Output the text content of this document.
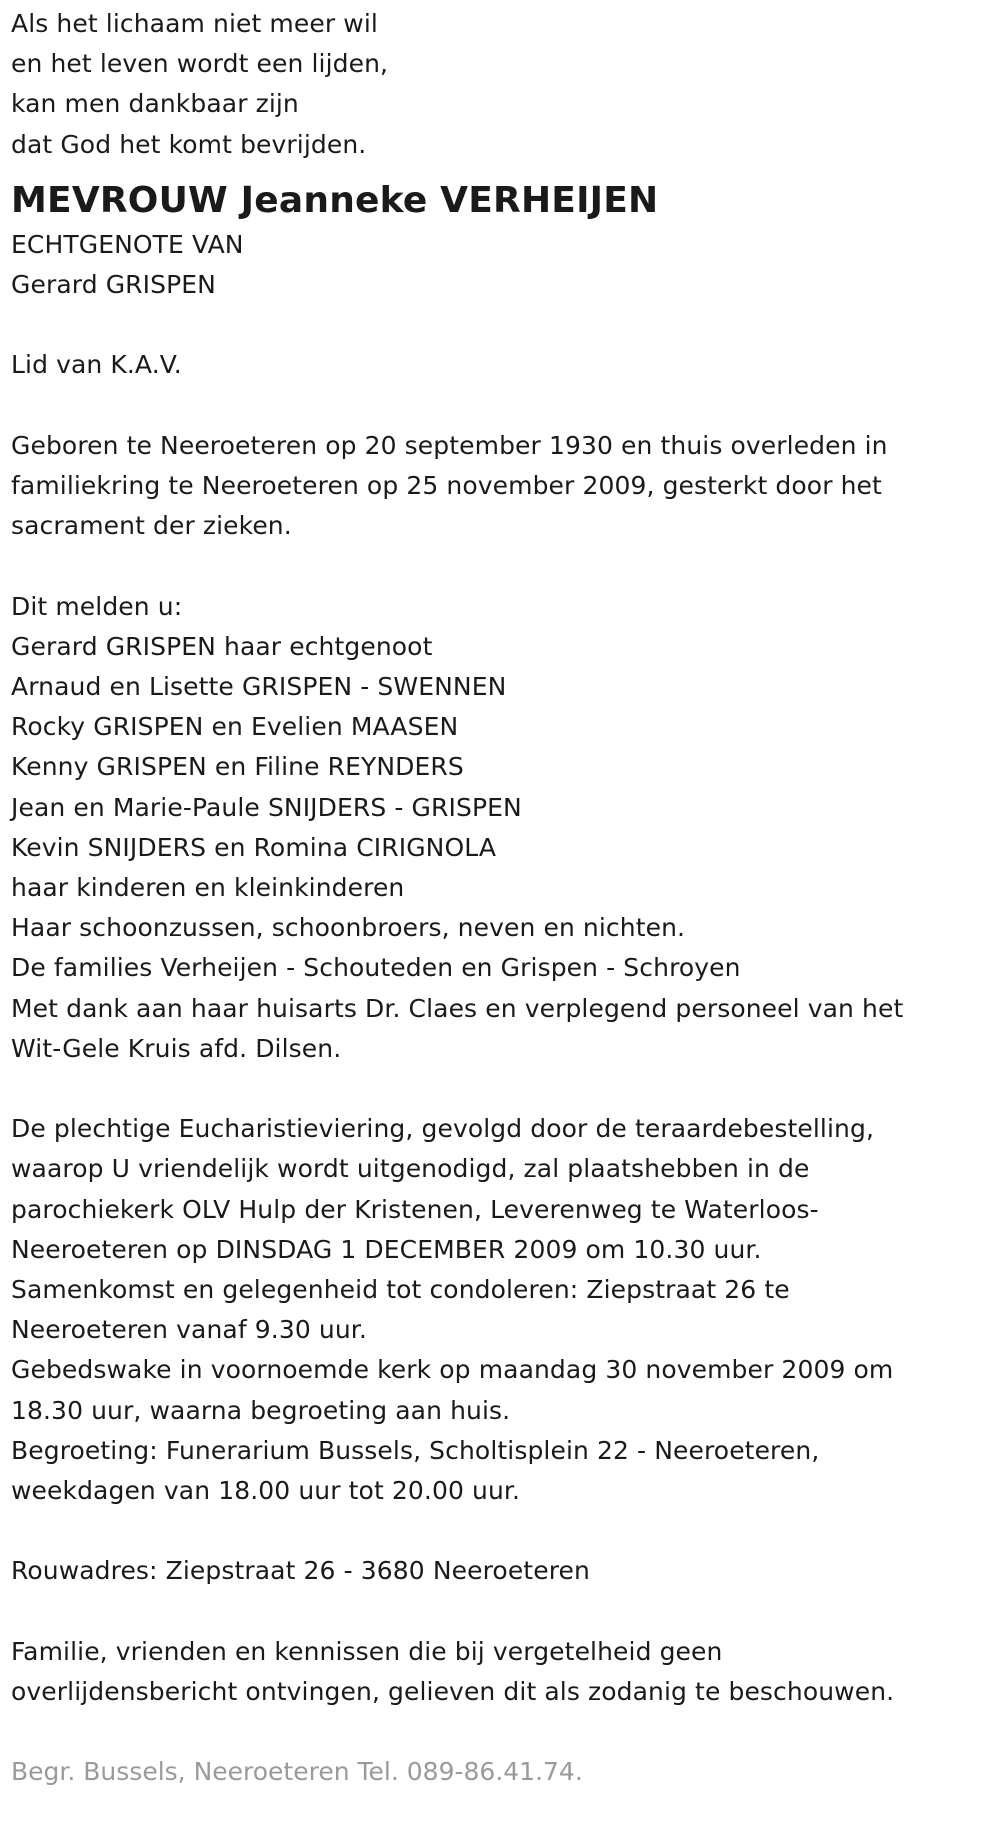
Als het lichaam niet meer wil
en het leven wordt een lijden,
kan men dankbaar zijn
dat God het komt bevrijden.
MEVROUW Jeanneke VERHEIJEN
ECHTGENOTE VAN
Gerard GRISPEN
Lid van K.A.V.
Geboren te Neeroeteren op 20 september 1930 en thuis overleden in
familiekring te Neeroeteren op 25 november 2009, gesterkt door het
sacrament der zieken.
Dit melden u:
Gerard GRISPEN haar echtgenoot
Arnaud en Lisette GRISPEN - SWENNEN
Rocky GRISPEN en Evelien MAASEN
Kenny GRISPEN en Filine REYNDERS
Jean en Marie-Paule SNIJDERS - GRISPEN
Kevin SNIJDERS en Romina CIRIGNOLA
haar kinderen en kleinkinderen
Haar schoonzussen, schoonbroers, neven en nichten.
De families Verheijen - Schouteden en Grispen - Schroyen
Met dank aan haar huisarts Dr. Claes en verplegend personeel van het
Wit-Gele Kruis afd. Dilsen.
De plechtige Eucharistieviering, gevolgd door de teraardebestelling,
waarop U vriendelijk wordt uitgenodigd, zal plaatshebben in de
parochiekerk OLV Hulp der Kristenen, Leverenweg te Waterloos-
Neeroeteren op DINSDAG 1 DECEMBER 2009 om 10.30 uur.
Samenkomst en gelegenheid tot condoleren: Ziepstraat 26 te
Neeroeteren vanaf 9.30 uur.
Gebedswake in voornoemde kerk op maandag 30 november 2009 om
18.30 uur, waarna begroeting aan huis.
Begroeting: Funerarium Bussels, Scholtisplein 22 - Neeroeteren,
weekdagen van 18.00 uur tot 20.00 uur.
Rouwadres: Ziepstraat 26 - 3680 Neeroeteren
Familie, vrienden en kennissen die bij vergetelheid geen
overlijdensbericht ontvingen, gelieven dit als zodanig te beschouwen.
Begr. Bussels, Neeroeteren Tel. 089-86.41.74.
